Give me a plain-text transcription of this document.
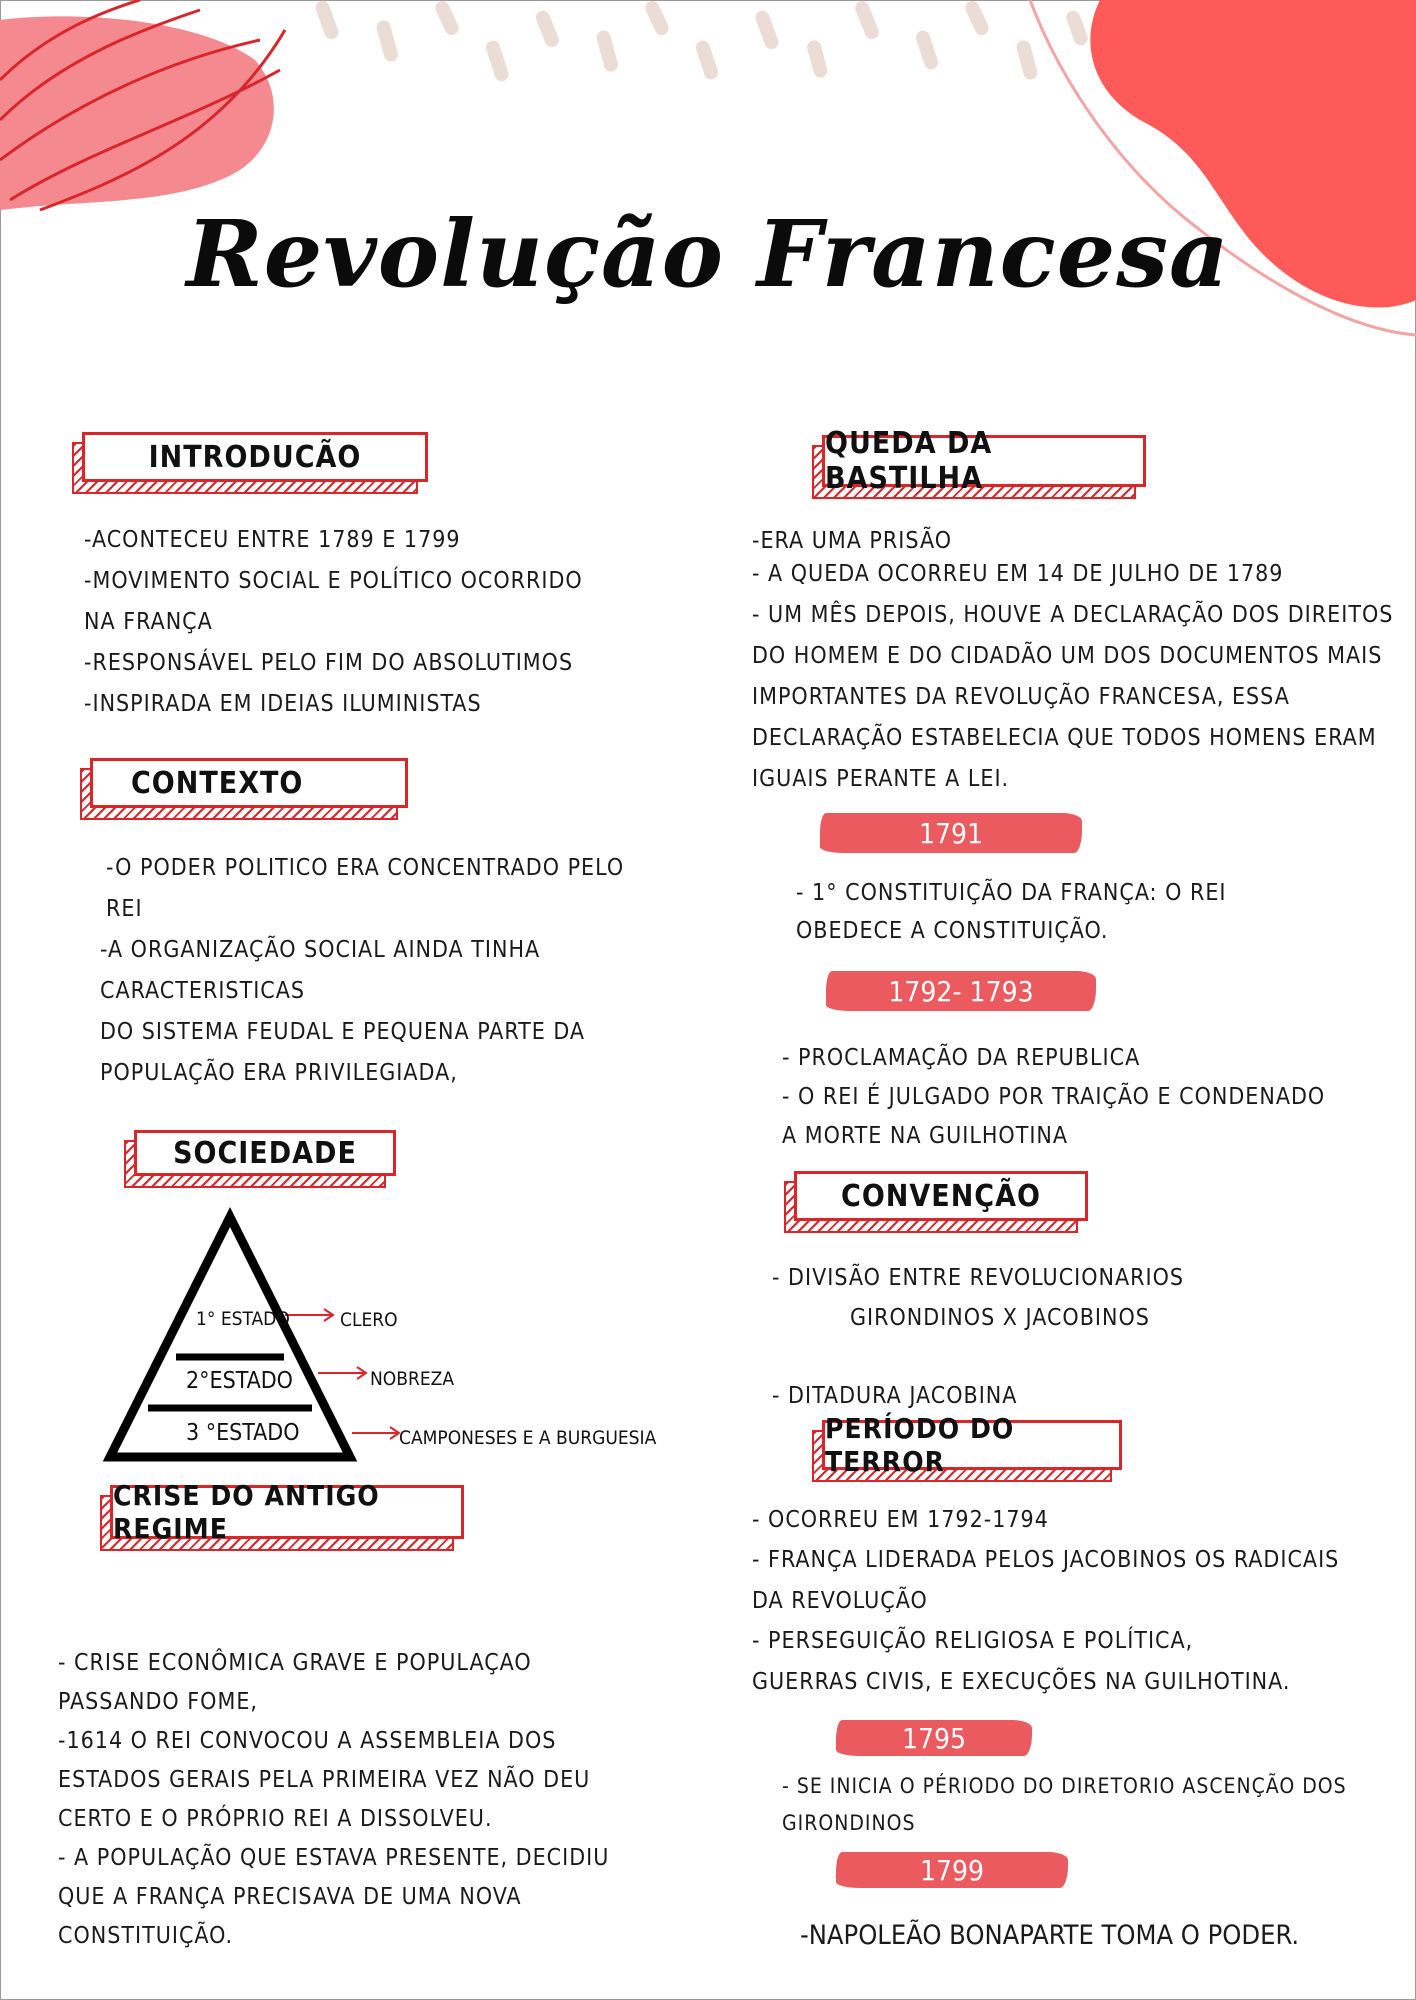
Revolução Francesa
INTRODUCÃO
-ACONTECEU ENTRE 1789 E 1799
-MOVIMENTO SOCIAL E POLÍTICO OCORRIDO
NA FRANÇA
-RESPONSÁVEL PELO FIM DO ABSOLUTIMOS
-INSPIRADA EM IDEIAS ILUMINISTAS
CONTEXTO
-O PODER POLITICO ERA CONCENTRADO PELO
REI
-A ORGANIZAÇÃO SOCIAL AINDA TINHA
CARACTERISTICAS
DO SISTEMA FEUDAL E PEQUENA PARTE DA
POPULAÇÃO ERA PRIVILEGIADA,
SOCIEDADE
1° ESTADO
2°ESTADO
3 °ESTADO
CLERO
NOBREZA
CAMPONESES E A BURGUESIA
CRISE DO ANTIGO REGIME
- CRISE ECONÔMICA GRAVE E POPULAÇAO
PASSANDO FOME,
-1614 O REI CONVOCOU A ASSEMBLEIA DOS
ESTADOS GERAIS PELA PRIMEIRA VEZ NÃO DEU
CERTO E O PRÓPRIO REI A DISSOLVEU.
- A POPULAÇÃO QUE ESTAVA PRESENTE, DECIDIU
QUE A FRANÇA PRECISAVA DE UMA NOVA
CONSTITUIÇÃO.
QUEDA DA BASTILHA
-ERA UMA PRISÃO
- A QUEDA OCORREU EM 14 DE JULHO DE 1789
- UM MÊS DEPOIS, HOUVE A DECLARAÇÃO DOS DIREITOS
DO HOMEM E DO CIDADÃO UM DOS DOCUMENTOS MAIS
IMPORTANTES DA REVOLUÇÃO FRANCESA, ESSA
DECLARAÇÃO ESTABELECIA QUE TODOS HOMENS ERAM
IGUAIS PERANTE A LEI.
1791
- 1° CONSTITUIÇÃO DA FRANÇA: O REI
OBEDECE A CONSTITUIÇÃO.
1792- 1793
- PROCLAMAÇÃO DA REPUBLICA
- O REI É JULGADO POR TRAIÇÃO E CONDENADO
A MORTE NA GUILHOTINA
CONVENÇÃO
- DIVISÃO ENTRE REVOLUCIONARIOS
GIRONDINOS X JACOBINOS
- DITADURA JACOBINA
PERÍODO DO TERROR
- OCORREU EM 1792-1794
- FRANÇA LIDERADA PELOS JACOBINOS OS RADICAIS
DA REVOLUÇÃO
- PERSEGUIÇÃO RELIGIOSA E POLÍTICA,
GUERRAS CIVIS, E EXECUÇÕES NA GUILHOTINA.
1795
- SE INICIA O PÉRIODO DO DIRETORIO ASCENÇÃO DOS
GIRONDINOS
1799
-NAPOLEÃO BONAPARTE TOMA O PODER.
